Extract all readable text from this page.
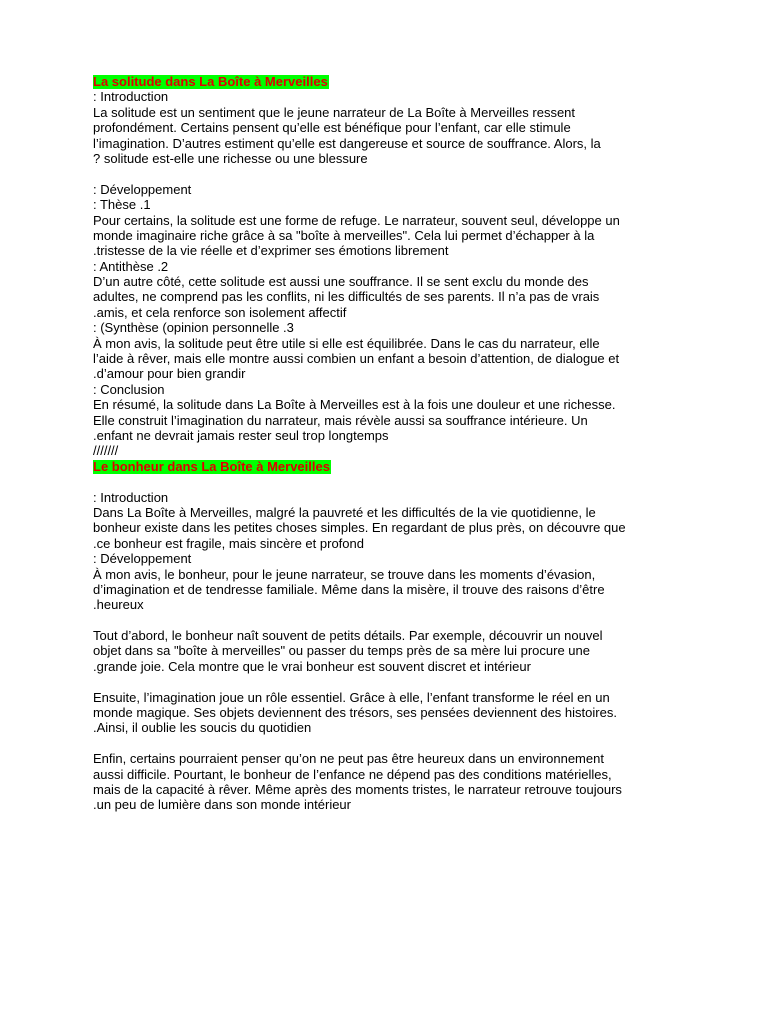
La solitude dans La Boîte à Merveilles
: Introduction
La solitude est un sentiment que le jeune narrateur de La Boîte à Merveilles ressent
profondément. Certains pensent qu’elle est bénéfique pour l’enfant, car elle stimule
l’imagination. D’autres estiment qu’elle est dangereuse et source de souffrance. Alors, la
? solitude est-elle une richesse ou une blessure
: Développement
: Thèse .1
Pour certains, la solitude est une forme de refuge. Le narrateur, souvent seul, développe un
monde imaginaire riche grâce à sa "boîte à merveilles". Cela lui permet d’échapper à la
.tristesse de la vie réelle et d’exprimer ses émotions librement
: Antithèse .2
D’un autre côté, cette solitude est aussi une souffrance. Il se sent exclu du monde des
adultes, ne comprend pas les conflits, ni les difficultés de ses parents. Il n’a pas de vrais
.amis, et cela renforce son isolement affectif
: (Synthèse (opinion personnelle .3
À mon avis, la solitude peut être utile si elle est équilibrée. Dans le cas du narrateur, elle
l’aide à rêver, mais elle montre aussi combien un enfant a besoin d’attention, de dialogue et
.d’amour pour bien grandir
: Conclusion
En résumé, la solitude dans La Boîte à Merveilles est à la fois une douleur et une richesse.
Elle construit l’imagination du narrateur, mais révèle aussi sa souffrance intérieure. Un
.enfant ne devrait jamais rester seul trop longtemps
///////
Le bonheur dans La Boîte à Merveilles
: Introduction
Dans La Boîte à Merveilles, malgré la pauvreté et les difficultés de la vie quotidienne, le
bonheur existe dans les petites choses simples. En regardant de plus près, on découvre que
.ce bonheur est fragile, mais sincère et profond
: Développement
À mon avis, le bonheur, pour le jeune narrateur, se trouve dans les moments d’évasion,
d’imagination et de tendresse familiale. Même dans la misère, il trouve des raisons d’être
.heureux
Tout d’abord, le bonheur naît souvent de petits détails. Par exemple, découvrir un nouvel
objet dans sa "boîte à merveilles" ou passer du temps près de sa mère lui procure une
.grande joie. Cela montre que le vrai bonheur est souvent discret et intérieur
Ensuite, l’imagination joue un rôle essentiel. Grâce à elle, l’enfant transforme le réel en un
monde magique. Ses objets deviennent des trésors, ses pensées deviennent des histoires.
.Ainsi, il oublie les soucis du quotidien
Enfin, certains pourraient penser qu’on ne peut pas être heureux dans un environnement
aussi difficile. Pourtant, le bonheur de l’enfance ne dépend pas des conditions matérielles,
mais de la capacité à rêver. Même après des moments tristes, le narrateur retrouve toujours
.un peu de lumière dans son monde intérieur
